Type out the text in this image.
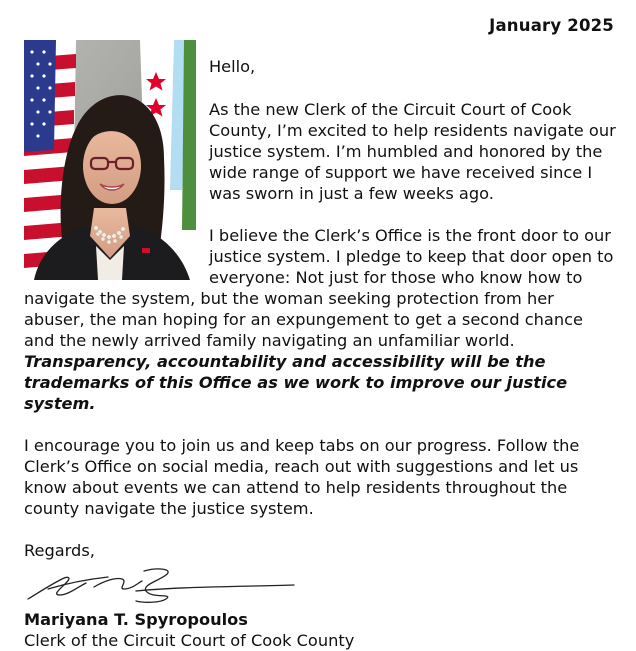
January 2025

Hello,

As the new Clerk of the Circuit Court of Cook County, I’m excited to help residents navigate our justice system. I’m humbled and honored by the wide range of support we have received since I was sworn in just a few weeks ago.

I believe the Clerk’s Office is the front door to our justice system. I pledge to keep that door open to everyone: Not just for those who know how to navigate the system, but the woman seeking protection from her abuser, the man hoping for an expungement to get a second chance and the newly arrived family navigating an unfamiliar world. Transparency, accountability and accessibility will be the trademarks of this Office as we work to improve our justice system.

I encourage you to join us and keep tabs on our progress. Follow the Clerk’s Office on social media, reach out with suggestions and let us know about events we can attend to help residents throughout the county navigate the justice system.

Regards,

Mariyana T. Spyropoulos

Clerk of the Circuit Court of Cook County
